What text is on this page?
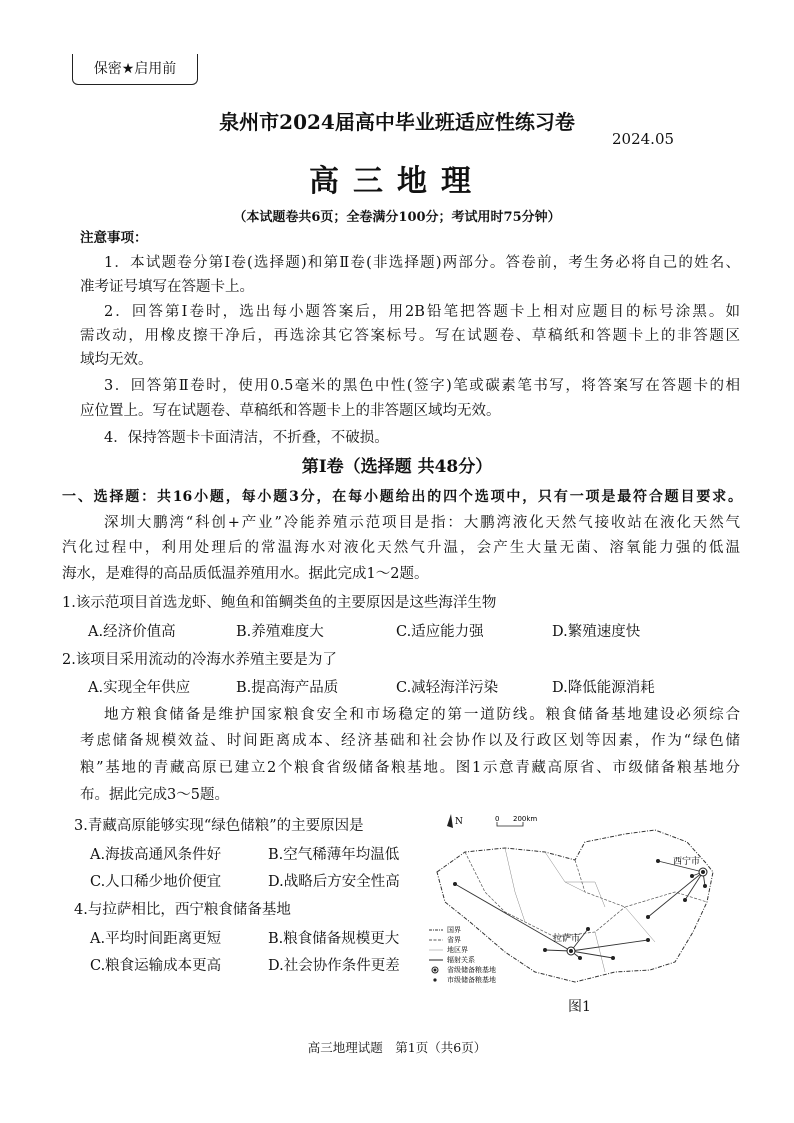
保密★启用前
泉州市2024届高中毕业班适应性练习卷
2024.05
高三地理
（本试题卷共6页；全卷满分100分；考试用时75分钟）
注意事项：
1．本试题卷分第Ⅰ卷(选择题)和第Ⅱ卷(非选择题)两部分。答卷前，考生务必将自己的姓名、
准考证号填写在答题卡上。
2．回答第Ⅰ卷时，选出每小题答案后，用2B铅笔把答题卡上相对应题目的标号涂黑。如
需改动，用橡皮擦干净后，再选涂其它答案标号。写在试题卷、草稿纸和答题卡上的非答题区
域均无效。
3．回答第Ⅱ卷时，使用0.5毫米的黑色中性(签字)笔或碳素笔书写，将答案写在答题卡的相
应位置上。写在试题卷、草稿纸和答题卡上的非答题区域均无效。
4．保持答题卡卡面清洁，不折叠，不破损。
第Ⅰ卷（选择题 共48分）
一、选择题：共16小题，每小题3分，在每小题给出的四个选项中，只有一项是最符合题目要求。
深圳大鹏湾“科创+产业”冷能养殖示范项目是指：大鹏湾液化天然气接收站在液化天然气
汽化过程中，利用处理后的常温海水对液化天然气升温，会产生大量无菌、溶氧能力强的低温
海水，是难得的高品质低温养殖用水。据此完成1～2题。
1.该示范项目首选龙虾、鲍鱼和笛鲷类鱼的主要原因是这些海洋生物
A.经济价值高	B.养殖难度大	C.适应能力强	D.繁殖速度快
2.该项目采用流动的冷海水养殖主要是为了
A.实现全年供应	B.提高海产品质	C.减轻海洋污染	D.降低能源消耗
地方粮食储备是维护国家粮食安全和市场稳定的第一道防线。粮食储备基地建设必须综合
考虑储备规模效益、时间距离成本、经济基础和社会协作以及行政区划等因素，作为“绿色储
粮”基地的青藏高原已建立2个粮食省级储备粮基地。图1示意青藏高原省、市级储备粮基地分
布。据此完成3～5题。
3.青藏高原能够实现“绿色储粮”的主要原因是
A.海拔高通风条件好	B.空气稀薄年均温低
C.人口稀少地价便宜	D.战略后方安全性高
4.与拉萨相比，西宁粮食储备基地
A.平均时间距离更短	B.粮食储备规模更大
C.粮食运输成本更高	D.社会协作条件更差
N	0 200km
西宁市
拉萨市
国界
省界
地区界
辐射关系
省级储备粮基地
市级储备粮基地
图1
高三地理试题　第1页（共6页）
